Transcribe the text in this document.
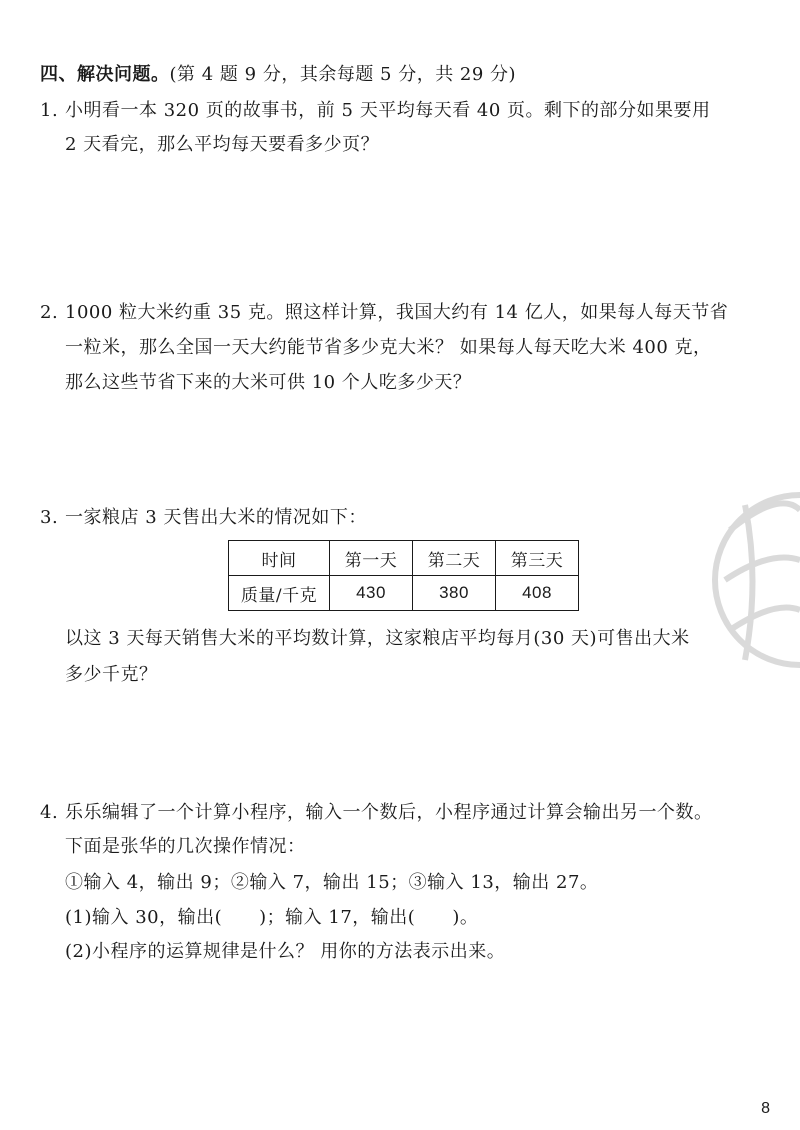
四、解决问题。(第 4 题 9 分，其余每题 5 分，共 29 分)
1. 小明看一本 320 页的故事书，前 5 天平均每天看 40 页。剩下的部分如果要用
2 天看完，那么平均每天要看多少页？
2. 1000 粒大米约重 35 克。照这样计算，我国大约有 14 亿人，如果每人每天节省
一粒米，那么全国一天大约能节省多少克大米？ 如果每人每天吃大米 400 克，
那么这些节省下来的大米可供 10 个人吃多少天？
3. 一家粮店 3 天售出大米的情况如下：
时间	第一天	第二天	第三天
质量/千克	430	380	408
以这 3 天每天销售大米的平均数计算，这家粮店平均每月(30 天)可售出大米
多少千克？
4. 乐乐编辑了一个计算小程序，输入一个数后，小程序通过计算会输出另一个数。
下面是张华的几次操作情况：
①输入 4，输出 9；②输入 7，输出 15；③输入 13，输出 27。
(1)输入 30，输出(　　)；输入 17，输出(　　)。
(2)小程序的运算规律是什么？ 用你的方法表示出来。
8
